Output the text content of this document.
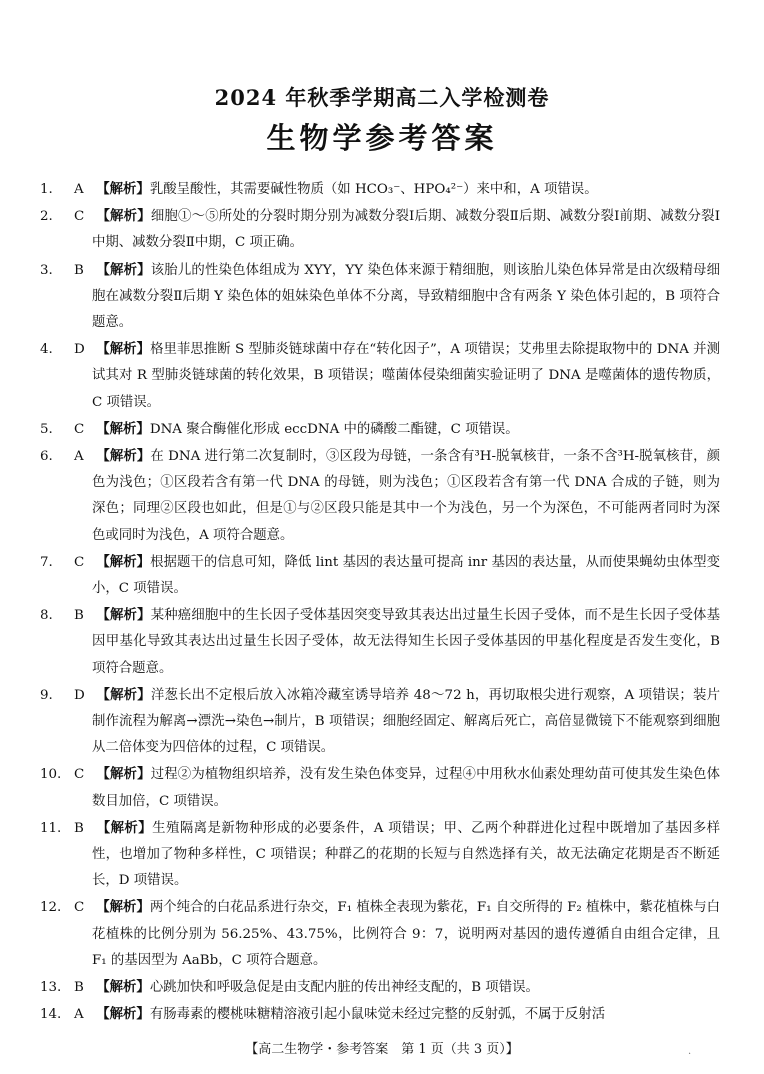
2024 年秋季学期高二入学检测卷
生物学参考答案
1. A 【解析】乳酸呈酸性，其需要碱性物质（如 HCO₃⁻、HPO₄²⁻）来中和，A 项错误。
2. C 【解析】细胞①～⑤所处的分裂时期分别为减数分裂Ⅰ后期、减数分裂Ⅱ后期、减数分裂Ⅰ前期、减数分裂Ⅰ中期、减数分裂Ⅱ中期，C 项正确。
3. B 【解析】该胎儿的性染色体组成为 XYY，YY 染色体来源于精细胞，则该胎儿染色体异常是由次级精母细胞在减数分裂Ⅱ后期 Y 染色体的姐妹染色单体不分离，导致精细胞中含有两条 Y 染色体引起的，B 项符合题意。
4. D 【解析】格里菲思推断 S 型肺炎链球菌中存在“转化因子”，A 项错误；艾弗里去除提取物中的 DNA 并测试其对 R 型肺炎链球菌的转化效果，B 项错误；噬菌体侵染细菌实验证明了 DNA 是噬菌体的遗传物质，C 项错误。
5. C 【解析】DNA 聚合酶催化形成 eccDNA 中的磷酸二酯键，C 项错误。
6. A 【解析】在 DNA 进行第二次复制时，③区段为母链，一条含有³H-脱氧核苷，一条不含³H-脱氧核苷，颜色为浅色；①区段若含有第一代 DNA 的母链，则为浅色；①区段若含有第一代 DNA 合成的子链，则为深色；同理②区段也如此，但是①与②区段只能是其中一个为浅色，另一个为深色，不可能两者同时为深色或同时为浅色，A 项符合题意。
7. C 【解析】根据题干的信息可知，降低 lint 基因的表达量可提高 inr 基因的表达量，从而使果蝇幼虫体型变小，C 项错误。
8. B 【解析】某种癌细胞中的生长因子受体基因突变导致其表达出过量生长因子受体，而不是生长因子受体基因甲基化导致其表达出过量生长因子受体，故无法得知生长因子受体基因的甲基化程度是否发生变化，B 项符合题意。
9. D 【解析】洋葱长出不定根后放入冰箱冷藏室诱导培养 48～72 h，再切取根尖进行观察，A 项错误；装片制作流程为解离→漂洗→染色→制片，B 项错误；细胞经固定、解离后死亡，高倍显微镜下不能观察到细胞从二倍体变为四倍体的过程，C 项错误。
10. C 【解析】过程②为植物组织培养，没有发生染色体变异，过程④中用秋水仙素处理幼苗可使其发生染色体数目加倍，C 项错误。
11. B 【解析】生殖隔离是新物种形成的必要条件，A 项错误；甲、乙两个种群进化过程中既增加了基因多样性，也增加了物种多样性，C 项错误；种群乙的花期的长短与自然选择有关，故无法确定花期是否不断延长，D 项错误。
12. C 【解析】两个纯合的白花品系进行杂交，F₁ 植株全表现为紫花，F₁ 自交所得的 F₂ 植株中，紫花植株与白花植株的比例分别为 56.25%、43.75%，比例符合 9：7，说明两对基因的遗传遵循自由组合定律，且 F₁ 的基因型为 AaBb，C 项符合题意。
13. B 【解析】心跳加快和呼吸急促是由支配内脏的传出神经支配的，B 项错误。
14. A 【解析】有肠毒素的樱桃味糖精溶液引起小鼠味觉未经过完整的反射弧，不属于反射活
【高二生物学・参考答案　第 1 页（共 3 页）】	.
